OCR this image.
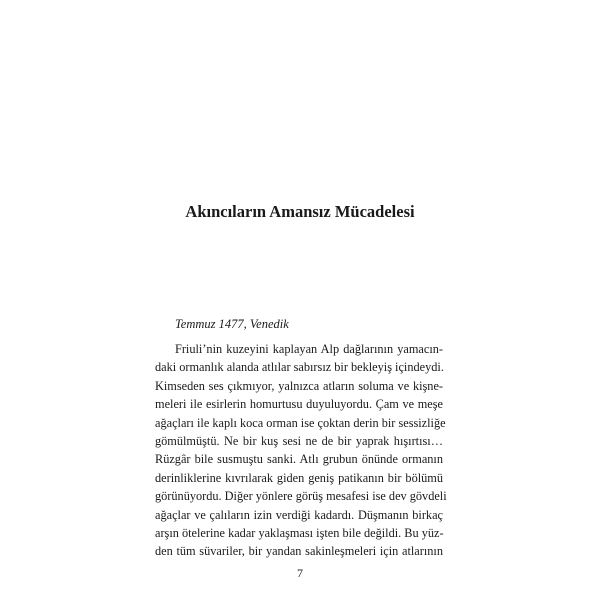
Akıncıların Amansız Mücadelesi
Temmuz 1477, Venedik
Friuli’nin kuzeyini kaplayan Alp dağlarının yamacın-
daki ormanlık alanda atlılar sabırsız bir bekleyiş içindeydi.
Kimseden ses çıkmıyor, yalnızca atların soluma ve kişne-
meleri ile esirlerin homurtusu duyuluyordu. Çam ve meşe
ağaçları ile kaplı koca orman ise çoktan derin bir sessizliğe
gömülmüştü. Ne bir kuş sesi ne de bir yaprak hışırtısı…
Rüzgâr bile susmuştu sanki. Atlı grubun önünde ormanın
derinliklerine kıvrılarak giden geniş patikanın bir bölümü
görünüyordu. Diğer yönlere görüş mesafesi ise dev gövdeli
ağaçlar ve çalıların izin verdiği kadardı. Düşmanın birkaç
arşın ötelerine kadar yaklaşması işten bile değildi. Bu yüz-
den tüm süvariler, bir yandan sakinleşmeleri için atlarının
7
